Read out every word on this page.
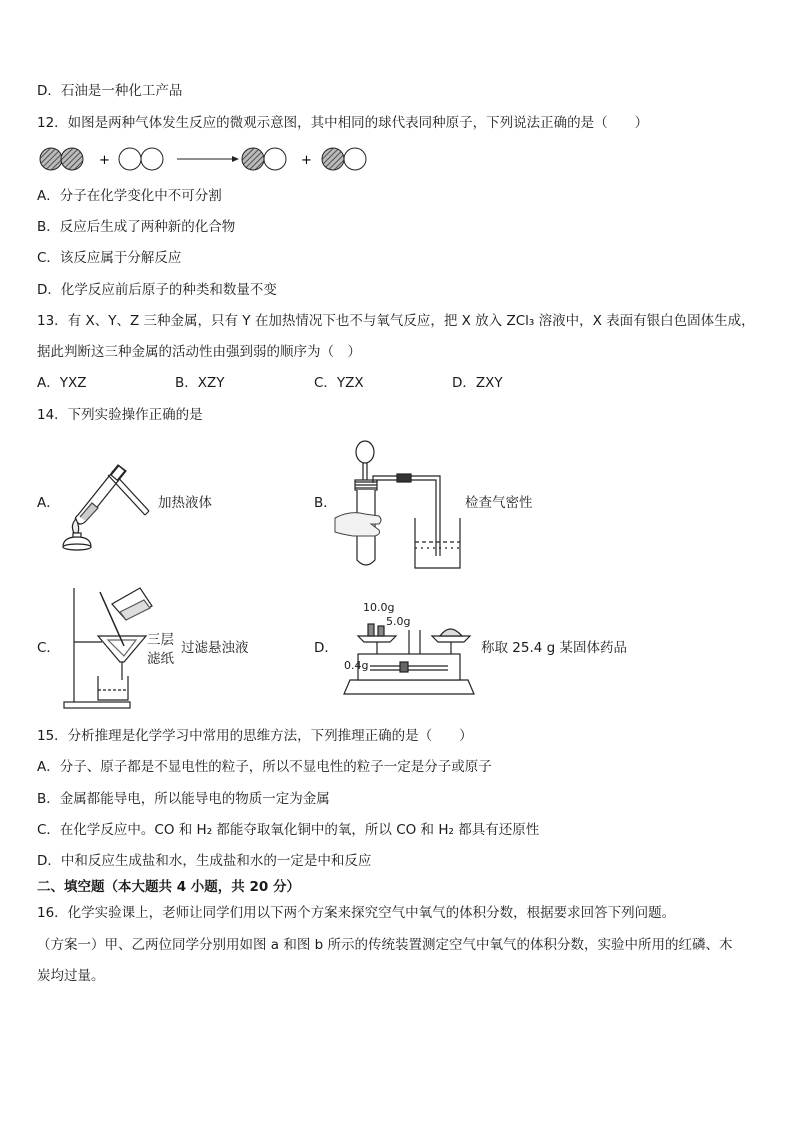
D．石油是一种化工产品
12．如图是两种气体发生反应的微观示意图，其中相同的球代表同种原子，下列说法正确的是（　　）
+	+
A．分子在化学变化中不可分割
B．反应后生成了两种新的化合物
C．该反应属于分解反应
D．化学反应前后原子的种类和数量不变
13．有 X、Y、Z 三种金属，只有 Y 在加热情况下也不与氧气反应，把 X 放入 ZCl₃ 溶液中，X 表面有银白色固体生成，
据此判断这三种金属的活动性由强到弱的顺序为（　）
A．YXZ	B．XZY	C．YZX	D．ZXY
14．下列实验操作正确的是
A．	加热液体	B．	检查气密性
C．	三层
滤纸
过滤悬浊液	D．
10.0g
5.0g
0.4g
称取 25.4 g 某固体药品
15．分析推理是化学学习中常用的思维方法，下列推理正确的是（　　）
A．分子、原子都是不显电性的粒子，所以不显电性的粒子一定是分子或原子
B．金属都能导电，所以能导电的物质一定为金属
C．在化学反应中。CO 和 H₂ 都能夺取氧化铜中的氧，所以 CO 和 H₂ 都具有还原性
D．中和反应生成盐和水，生成盐和水的一定是中和反应
二、填空题（本大题共 4 小题，共 20 分）
16．化学实验课上，老师让同学们用以下两个方案来探究空气中氧气的体积分数，根据要求回答下列问题。
（方案一）甲、乙两位同学分别用如图 a 和图 b 所示的传统装置测定空气中氧气的体积分数，实验中所用的红磷、木
炭均过量。
